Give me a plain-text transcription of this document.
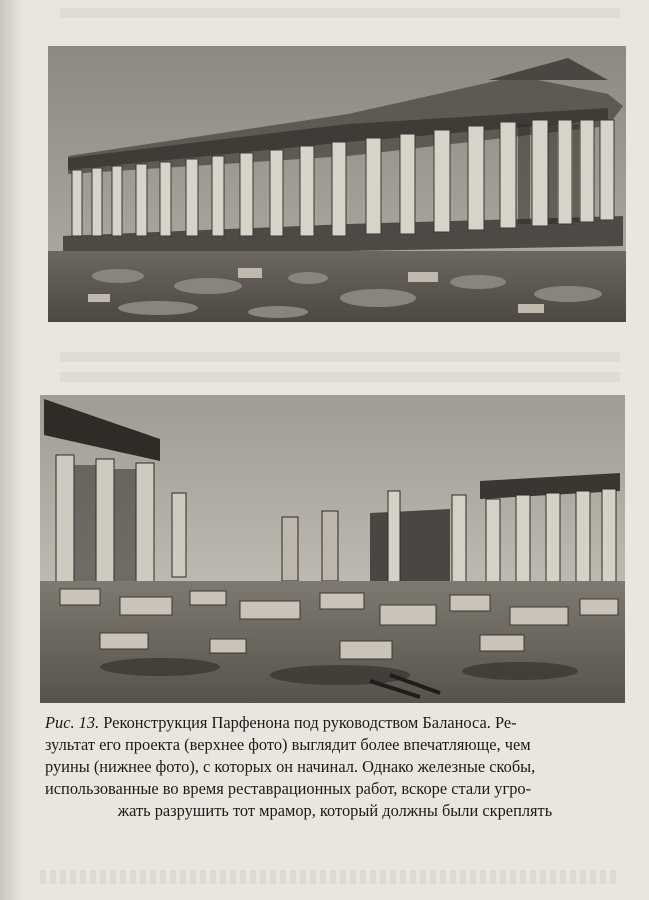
Рис. 13. Реконструкция Парфенона под руководством Баланоса. Ре-
зультат его проекта (верхнее фото) выглядит более впечатляюще, чем
руины (нижнее фото), с которых он начинал. Однако железные скобы,
использованные во время реставрационных работ, вскоре стали угро-
жать разрушить тот мрамор, который должны были скреплять
